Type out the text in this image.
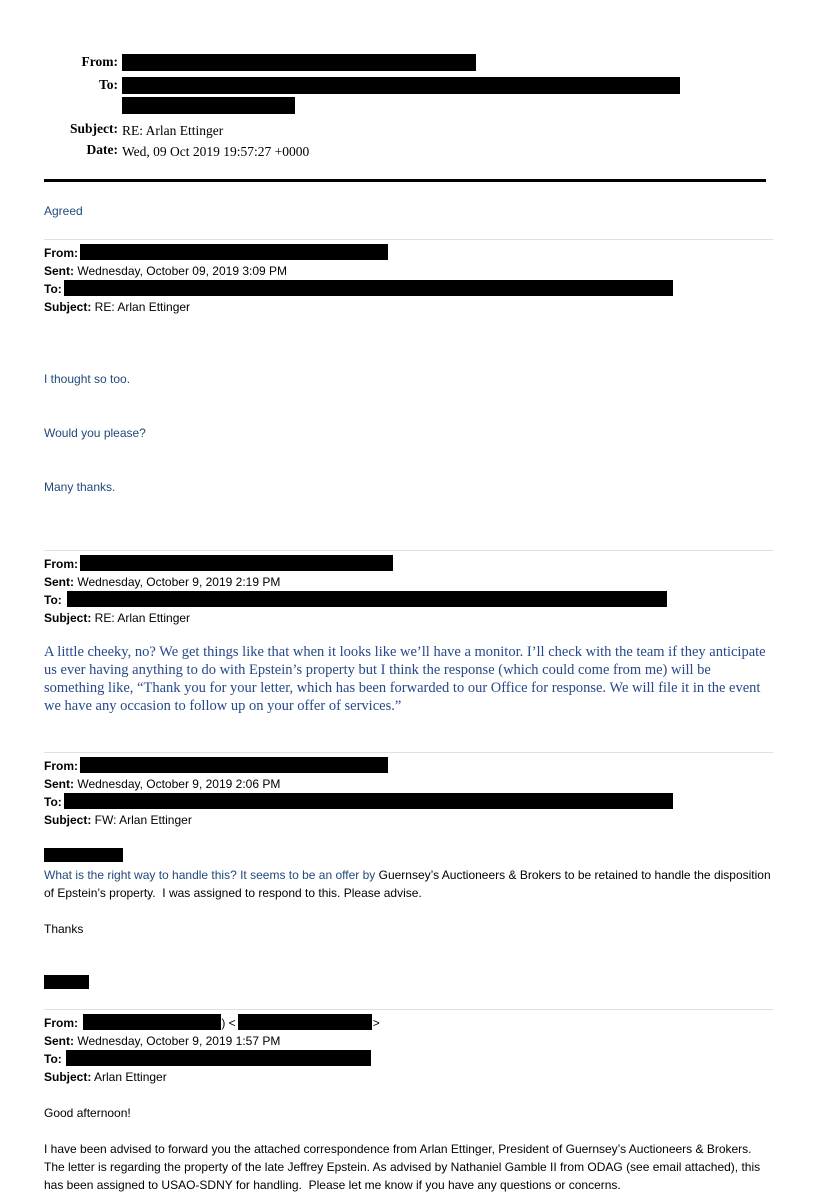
From:
To:
Subject: RE: Arlan Ettinger
Date: Wed, 09 Oct 2019 19:57:27 +0000

Agreed

From:
Sent: Wednesday, October 09, 2019 3:09 PM
To:
Subject: RE: Arlan Ettinger

I thought so too.

Would you please?

Many thanks.

From:
Sent: Wednesday, October 9, 2019 2:19 PM
To:
Subject: RE: Arlan Ettinger

A little cheeky, no? We get things like that when it looks like we’ll have a monitor. I’ll check with the team if they anticipate us ever having anything to do with Epstein’s property but I think the response (which could come from me) will be something like, “Thank you for your letter, which has been forwarded to our Office for response. We will file it in the event we have any occasion to follow up on your offer of services.”

From:
Sent: Wednesday, October 9, 2019 2:06 PM
To:
Subject: FW: Arlan Ettinger
What is the right way to handle this? It seems to be an offer by Guernsey’s Auctioneers & Brokers to be retained to handle the disposition of Epstein’s property.  I was assigned to respond to this. Please advise.

Thanks

From:	) <	>
Sent: Wednesday, October 9, 2019 1:57 PM
To:
Subject: Arlan Ettinger

Good afternoon!

I have been advised to forward you the attached correspondence from Arlan Ettinger, President of Guernsey’s Auctioneers & Brokers. The letter is regarding the property of the late Jeffrey Epstein. As advised by Nathaniel Gamble II from ODAG (see email attached), this has been assigned to USAO-SDNY for handling.  Please let me know if you have any questions or concerns.
